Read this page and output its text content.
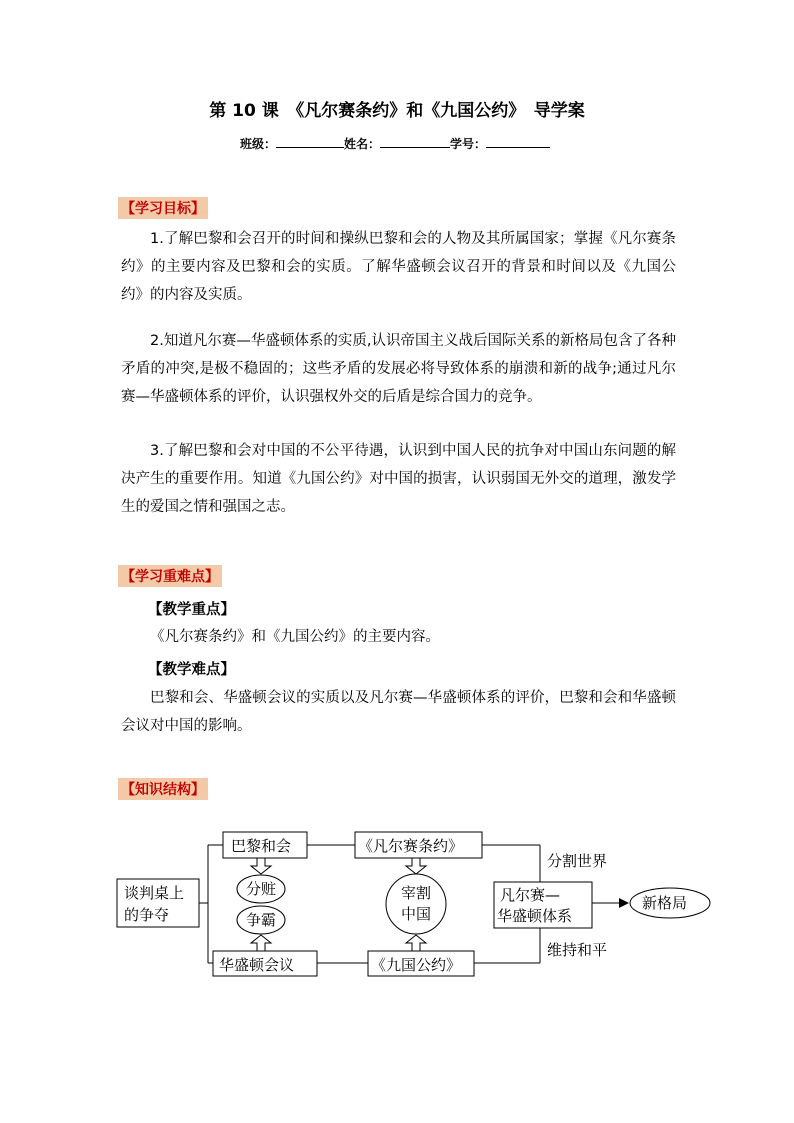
第 10 课　《凡尔赛条约》和《九国公约》　导学案
班级：	姓名：	学号：
【学习目标】
1.了解巴黎和会召开的时间和操纵巴黎和会的人物及其所属国家；掌握《凡尔赛条约》的主要内容及巴黎和会的实质。了解华盛顿会议召开的背景和时间以及《九国公约》的内容及实质。
2.知道凡尔赛—华盛顿体系的实质,认识帝国主义战后国际关系的新格局包含了各种矛盾的冲突,是极不稳固的；这些矛盾的发展必将导致体系的崩溃和新的战争;通过凡尔赛—华盛顿体系的评价，认识强权外交的后盾是综合国力的竞争。
3.了解巴黎和会对中国的不公平待遇，认识到中国人民的抗争对中国山东问题的解决产生的重要作用。知道《九国公约》对中国的损害，认识弱国无外交的道理，激发学生的爱国之情和强国之志。
【学习重难点】
【教学重点】
《凡尔赛条约》和《九国公约》的主要内容。
【教学难点】
巴黎和会、华盛顿会议的实质以及凡尔赛—华盛顿体系的评价，巴黎和会和华盛顿会议对中国的影响。
【知识结构】
谈判桌上
的争夺
巴黎和会	《凡尔赛条约》
分赃
争霸
宰割
中国
华盛顿会议	《九国公约》
凡尔赛—
华盛顿体系
分割世界
维持和平
新格局
